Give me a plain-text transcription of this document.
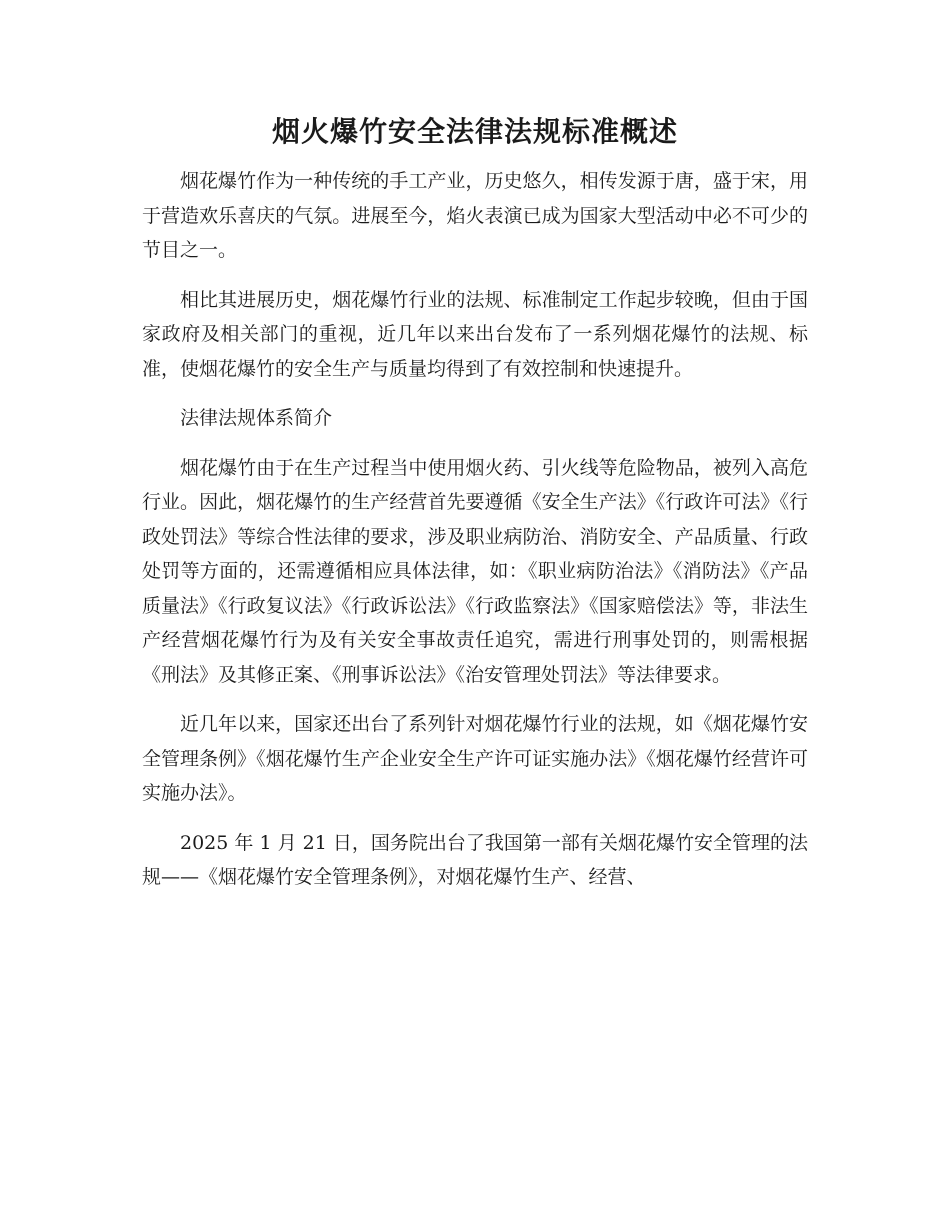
烟火爆竹安全法律法规标准概述

烟花爆竹作为一种传统的手工产业，历史悠久，相传发源于唐，盛于宋，用于营造欢乐喜庆的气氛。进展至今，焰火表演已成为国家大型活动中必不可少的节目之一。

相比其进展历史，烟花爆竹行业的法规、标准制定工作起步较晚，但由于国家政府及相关部门的重视，近几年以来出台发布了一系列烟花爆竹的法规、标准，使烟花爆竹的安全生产与质量均得到了有效控制和快速提升。

法律法规体系简介

烟花爆竹由于在生产过程当中使用烟火药、引火线等危险物品，被列入高危行业。因此，烟花爆竹的生产经营首先要遵循《安全生产法》《行政许可法》《行政处罚法》等综合性法律的要求，涉及职业病防治、消防安全、产品质量、行政处罚等方面的，还需遵循相应具体法律，如：《职业病防治法》《消防法》《产品质量法》《行政复议法》《行政诉讼法》《行政监察法》《国家赔偿法》等，非法生产经营烟花爆竹行为及有关安全事故责任追究，需进行刑事处罚的，则需根据《刑法》及其修正案、《刑事诉讼法》《治安管理处罚法》等法律要求。

近几年以来，国家还出台了系列针对烟花爆竹行业的法规，如《烟花爆竹安全管理条例》《烟花爆竹生产企业安全生产许可证实施办法》《烟花爆竹经营许可实施办法》。

2025 年 1 月 21 日，国务院出台了我国第一部有关烟花爆竹安全管理的法规——《烟花爆竹安全管理条例》，对烟花爆竹生产、经营、
